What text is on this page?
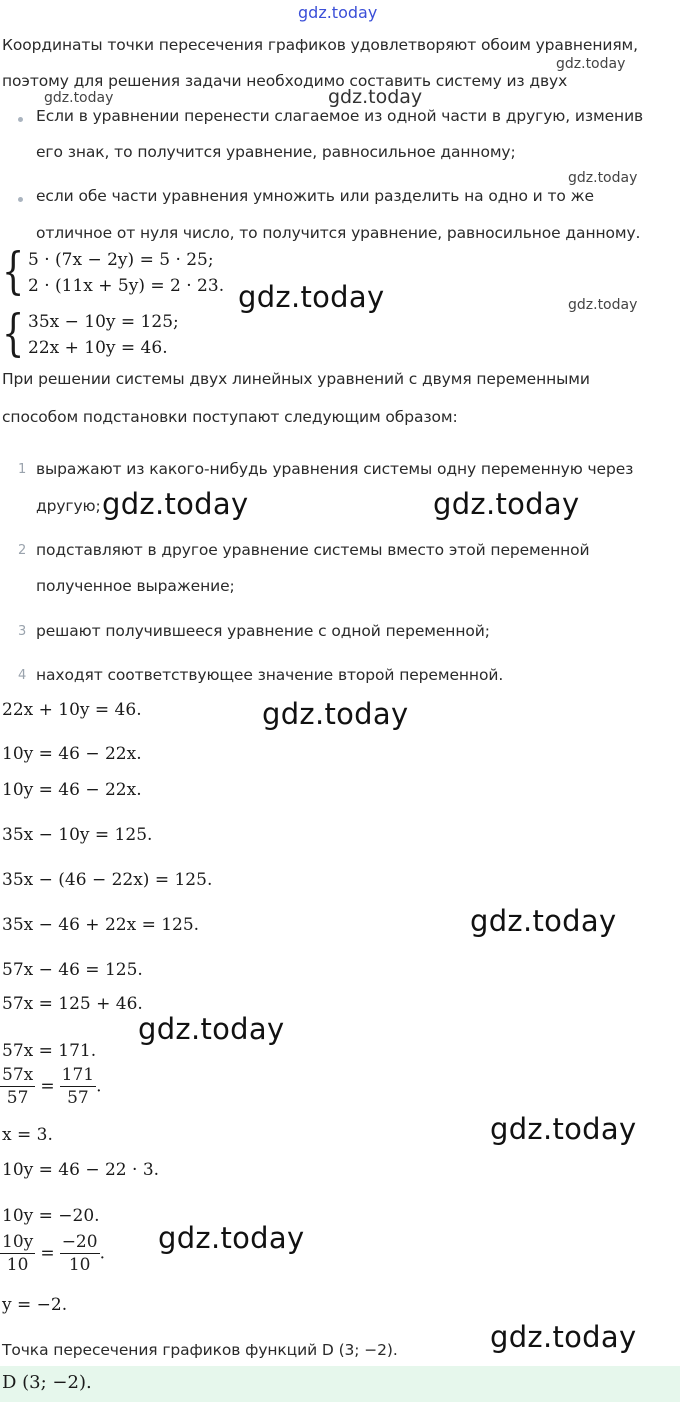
gdz.today
Координаты точки пересечения графиков удовлетворяют обоим уравнениям,
gdz.today
поэтому для решения задачи необходимо составить систему из двух
gdz.today	gdz.today
Если в уравнении перенести слагаемое из одной части в другую, изменив
его знак, то получится уравнение, равносильное данному;
gdz.today
если обе части уравнения умножить или разделить на одно и то же
отличное от нуля число, то получится уравнение, равносильное данному.
{ 5 · (7x − 2y) = 5 · 25;
2 · (11x + 5y) = 2 · 23. gdz.today	gdz.today
{ 35x − 10y = 125;
22x + 10y = 46.
При решении системы двух линейных уравнений с двумя переменными
способом подстановки поступают следующим образом:
1 выражают из какого-нибудь уравнения системы одну переменную через
другую; gdz.today	gdz.today
2 подставляют в другое уравнение системы вместо этой переменной
полученное выражение;
3 решают получившееся уравнение с одной переменной;
4 находят соответствующее значение второй переменной.
22x + 10y = 46.	gdz.today
10y = 46 − 22x.
10y = 46 − 22x.
35x − 10y = 125.
35x − (46 − 22x) = 125.
35x − 46 + 22x = 125.	gdz.today
57x − 46 = 125.
57x = 125 + 46.
gdz.today
57x = 171.
$\frac{57x}{57} = \frac{171}{57}$ .
x = 3.	gdz.today
10y = 46 − 22 · 3.
10y = −20.
$\frac{10y}{10} = \frac{-20}{10}$ . gdz.today
y = −2.
Точка пересечения графиков функций D (3; −2).	gdz.today
D (3; −2).
